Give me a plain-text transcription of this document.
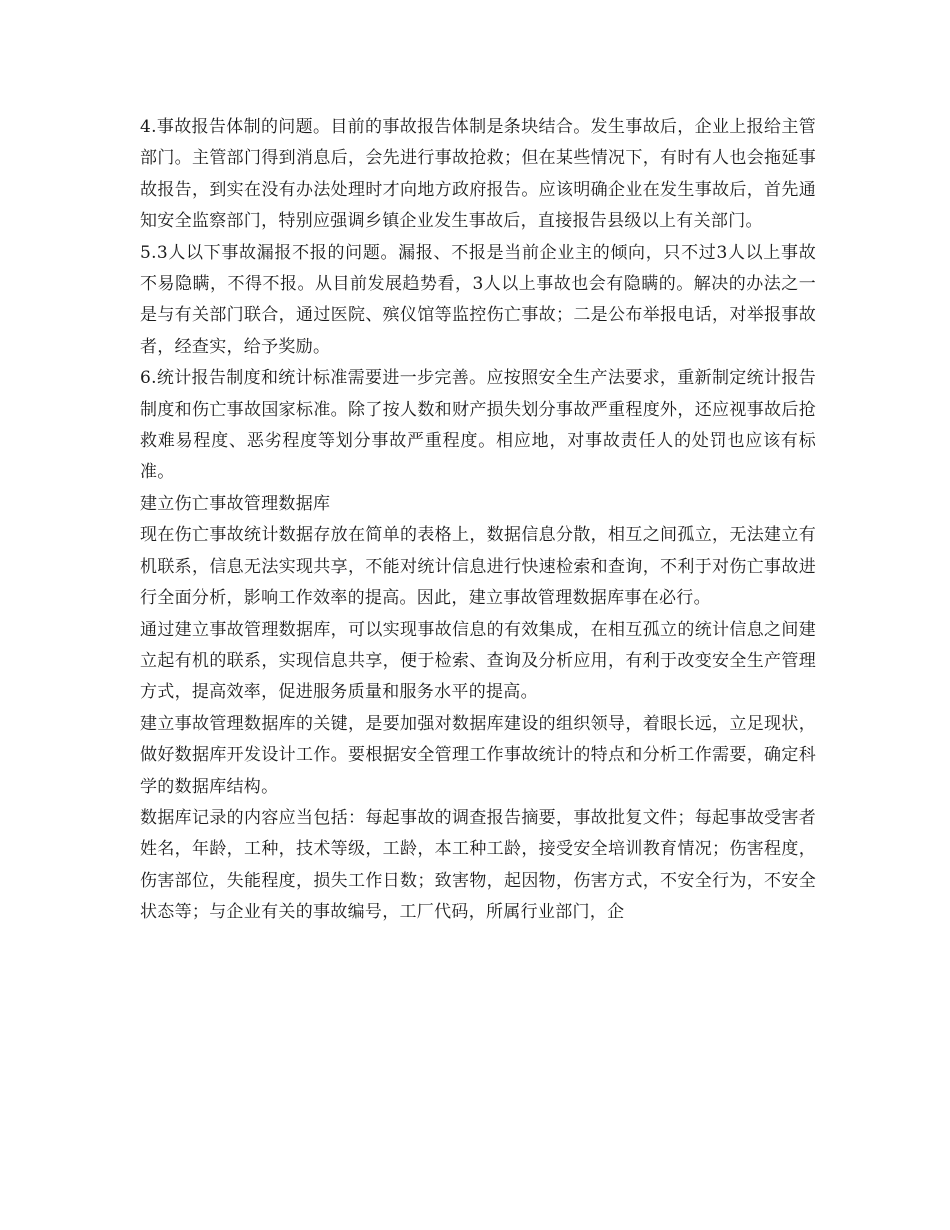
4.事故报告体制的问题。目前的事故报告体制是条块结合。发生事故后，企业上报给主管部门。主管部门得到消息后，会先进行事故抢救；但在某些情况下，有时有人也会拖延事故报告，到实在没有办法处理时才向地方政府报告。应该明确企业在发生事故后，首先通知安全监察部门，特别应强调乡镇企业发生事故后，直接报告县级以上有关部门。

5.3人以下事故漏报不报的问题。漏报、不报是当前企业主的倾向，只不过3人以上事故不易隐瞒，不得不报。从目前发展趋势看，3人以上事故也会有隐瞒的。解决的办法之一是与有关部门联合，通过医院、殡仪馆等监控伤亡事故；二是公布举报电话，对举报事故者，经查实，给予奖励。

6.统计报告制度和统计标准需要进一步完善。应按照安全生产法要求，重新制定统计报告制度和伤亡事故国家标准。除了按人数和财产损失划分事故严重程度外，还应视事故后抢救难易程度、恶劣程度等划分事故严重程度。相应地，对事故责任人的处罚也应该有标准。

建立伤亡事故管理数据库

现在伤亡事故统计数据存放在简单的表格上，数据信息分散，相互之间孤立，无法建立有机联系，信息无法实现共享，不能对统计信息进行快速检索和查询，不利于对伤亡事故进行全面分析，影响工作效率的提高。因此，建立事故管理数据库事在必行。

通过建立事故管理数据库，可以实现事故信息的有效集成，在相互孤立的统计信息之间建立起有机的联系，实现信息共享，便于检索、查询及分析应用，有利于改变安全生产管理方式，提高效率，促进服务质量和服务水平的提高。

建立事故管理数据库的关键，是要加强对数据库建设的组织领导，着眼长远，立足现状，做好数据库开发设计工作。要根据安全管理工作事故统计的特点和分析工作需要，确定科学的数据库结构。

数据库记录的内容应当包括：每起事故的调查报告摘要，事故批复文件；每起事故受害者姓名，年龄，工种，技术等级，工龄，本工种工龄，接受安全培训教育情况；伤害程度，伤害部位，失能程度，损失工作日数；致害物，起因物，伤害方式，不安全行为，不安全状态等；与企业有关的事故编号，工厂代码，所属行业部门，企
